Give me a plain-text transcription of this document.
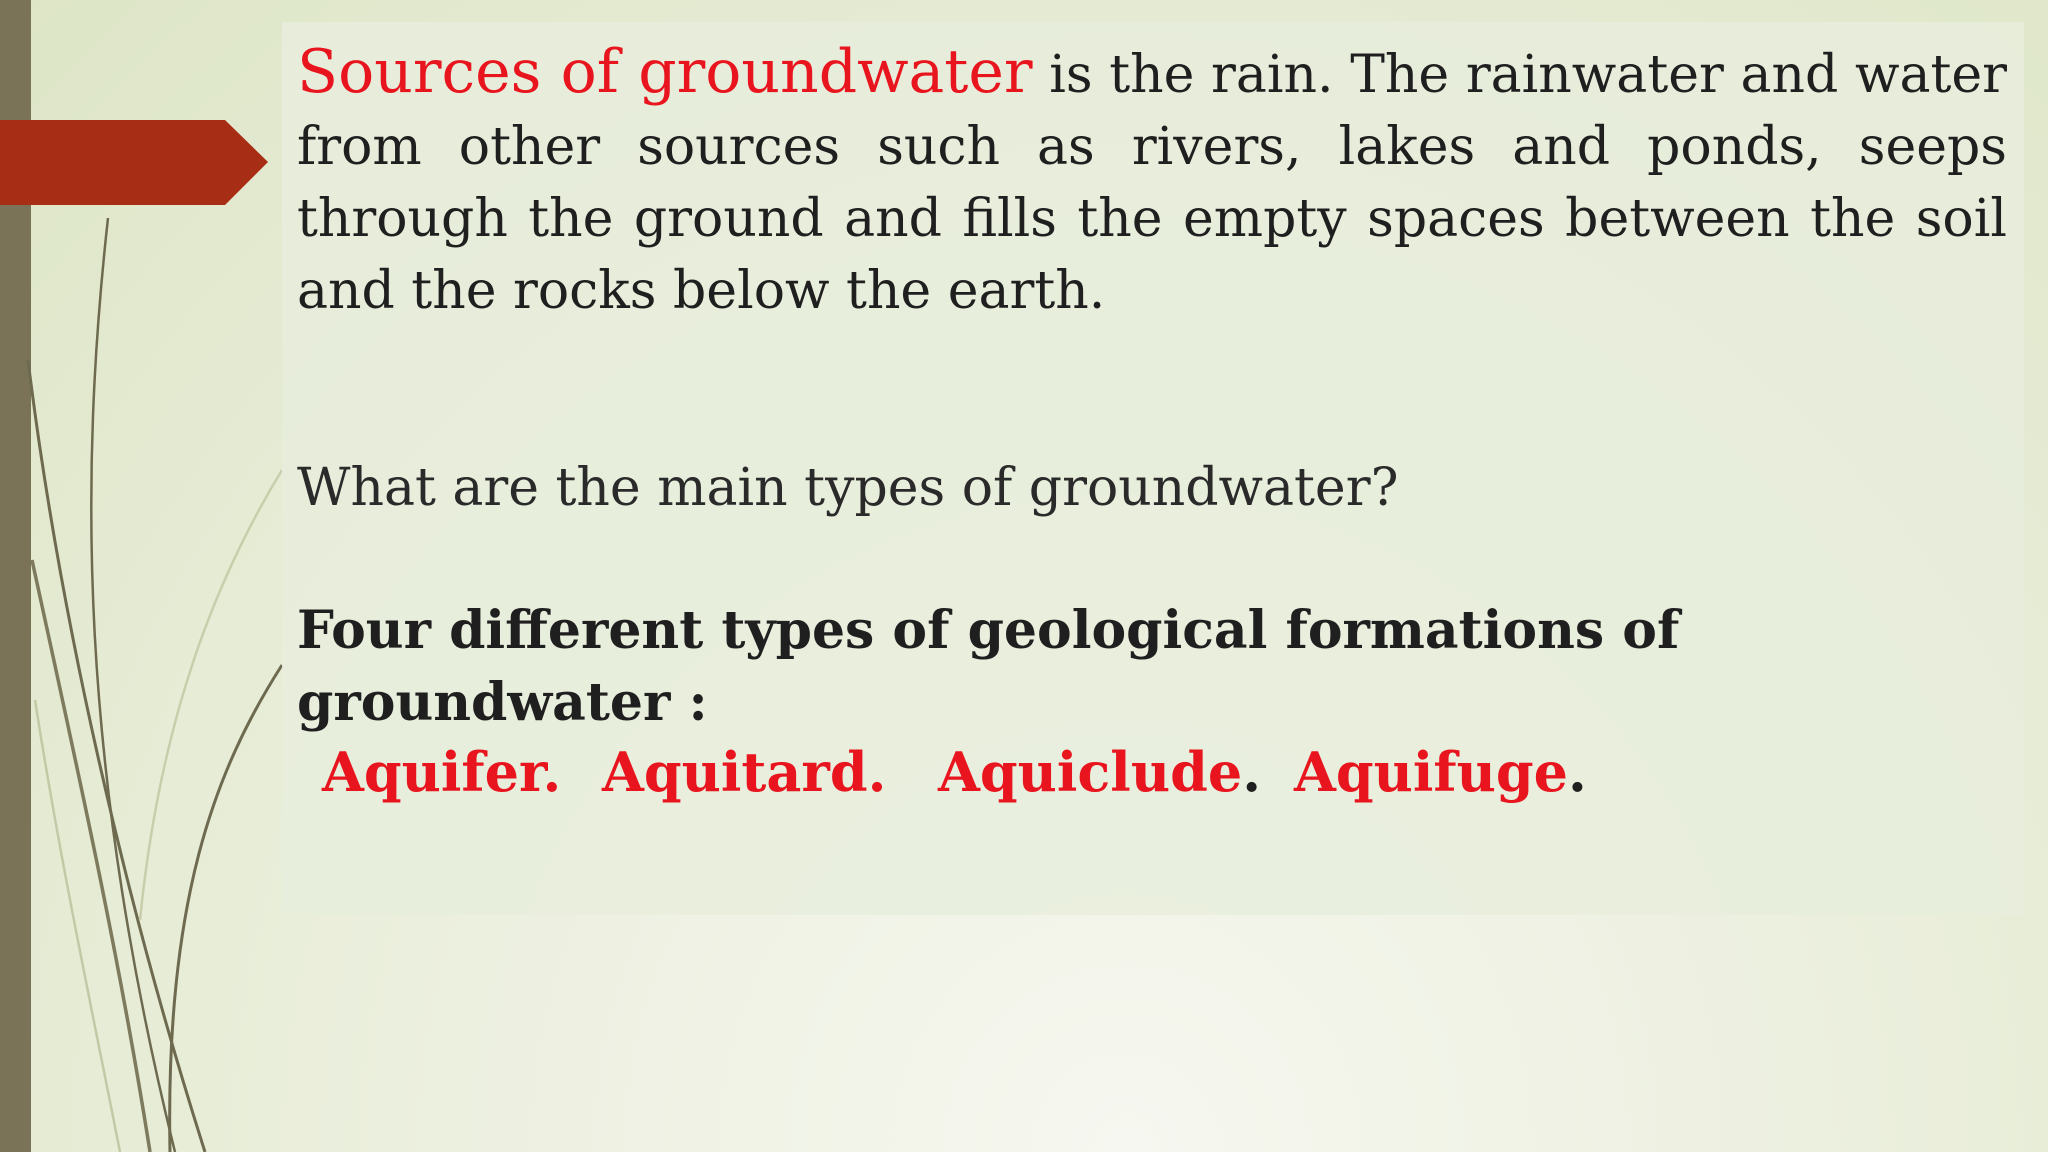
Sources of groundwater is the rain. The rainwater and water from other sources such as rivers, lakes and ponds, seeps through the ground and fills the empty spaces between the soil and the rocks below the earth.

What are the main types of groundwater?

Four different types of geological formations of groundwater :

Aquifer. Aquitard. Aquiclude. Aquifuge.
